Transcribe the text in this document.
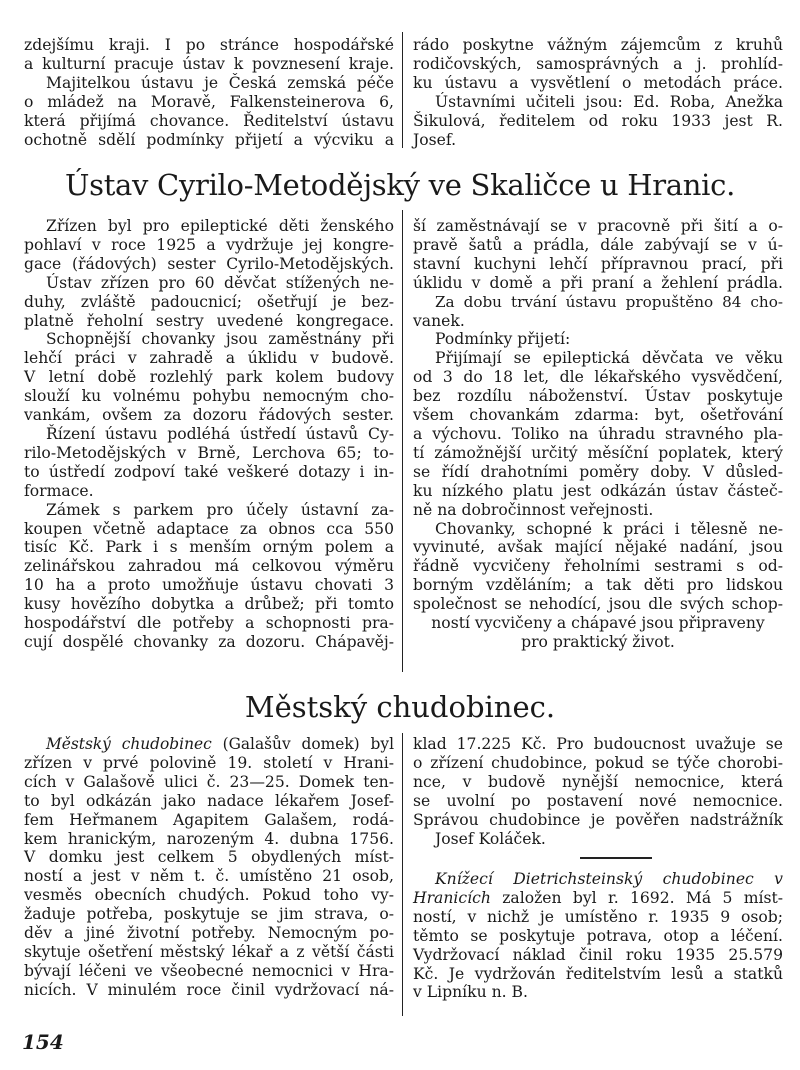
zdejšímu kraji. I po stránce hospodářské
a kulturní pracuje ústav k povznesení kraje.
Majitelkou ústavu je Česká zemská péče
o mládež na Moravě, Falkensteinerova 6,
která přijímá chovance. Ředitelství ústavu
ochotně sdělí podmínky přijetí a výcviku a
rádo poskytne vážným zájemcům z kruhů
rodičovských, samosprávných a j. prohlíd-
ku ústavu a vysvětlení o metodách práce.
Ústavními učiteli jsou: Ed. Roba, Anežka
Šikulová, ředitelem od roku 1933 jest R.
Josef.
Ústav Cyrilo-Metodějský ve Skaličce u Hranic.
Zřízen byl pro epileptické děti ženského
pohlaví v roce 1925 a vydržuje jej kongre-
gace (řádových) sester Cyrilo-Metodějských.
Ústav zřízen pro 60 děvčat stížených ne-
duhy, zvláště padoucnicí; ošetřují je bez-
platně řeholní sestry uvedené kongregace.
Schopnější chovanky jsou zaměstnány při
lehčí práci v zahradě a úklidu v budově.
V letní době rozlehlý park kolem budovy
slouží ku volnému pohybu nemocným cho-
vankám, ovšem za dozoru řádových sester.
Řízení ústavu podléhá ústředí ústavů Cy-
rilo-Metodějských v Brně, Lerchova 65; to-
to ústředí zodpoví také veškeré dotazy i in-
formace.
Zámek s parkem pro účely ústavní za-
koupen včetně adaptace za obnos cca 550
tisíc Kč. Park i s menším orným polem a
zelinářskou zahradou má celkovou výměru
10 ha a proto umožňuje ústavu chovati 3
kusy hovězího dobytka a drůbež; při tomto
hospodářství dle potřeby a schopnosti pra-
cují dospělé chovanky za dozoru. Chápavěj-
ší zaměstnávají se v pracovně při šití a o-
pravě šatů a prádla, dále zabývají se v ú-
stavní kuchyni lehčí přípravnou prací, při
úklidu v domě a při praní a žehlení prádla.
Za dobu trvání ústavu propuštěno 84 cho-
vanek.
Podmínky přijetí:
Přijímají se epileptická děvčata ve věku
od 3 do 18 let, dle lékařského vysvědčení,
bez rozdílu náboženství. Ústav poskytuje
všem chovankám zdarma: byt, ošetřování
a výchovu. Toliko na úhradu stravného pla-
tí zámožnější určitý měsíční poplatek, který
se řídí drahotními poměry doby. V důsled-
ku nízkého platu jest odkázán ústav částeč-
ně na dobročinnost veřejnosti.
Chovanky, schopné k práci i tělesně ne-
vyvinuté, avšak mající nějaké nadání, jsou
řádně vycvičeny řeholními sestrami s od-
borným vzděláním; a tak děti pro lidskou
společnost se nehodící, jsou dle svých schop-
ností vycvičeny a chápavé jsou připraveny
pro praktický život.
Městský chudobinec.
Městský chudobinec (Galašův domek) byl
zřízen v prvé polovině 19. století v Hrani-
cích v Galašově ulici č. 23—25. Domek ten-
to byl odkázán jako nadace lékařem Josef-
fem Heřmanem Agapitem Galašem, rodá-
kem hranickým, narozeným 4. dubna 1756.
V domku jest celkem 5 obydlených míst-
ností a jest v něm t. č. umístěno 21 osob,
vesměs obecních chudých. Pokud toho vy-
žaduje potřeba, poskytuje se jim strava, o-
děv a jiné životní potřeby. Nemocným po-
skytuje ošetření městský lékař a z větší části
bývají léčeni ve všeobecné nemocnici v Hra-
nicích. V minulém roce činil vydržovací ná-
klad 17.225 Kč. Pro budoucnost uvažuje se
o zřízení chudobince, pokud se týče chorobi-
nce, v budově nynější nemocnice, která
se uvolní po postavení nové nemocnice.
Správou chudobince je pověřen nadstrážník
Josef Koláček.
Knížecí Dietrichsteinský chudobinec v
Hranicích založen byl r. 1692. Má 5 míst-
ností, v nichž je umístěno r. 1935 9 osob;
těmto se poskytuje potrava, otop a léčení.
Vydržovací náklad činil roku 1935 25.579
Kč. Je vydržován ředitelstvím lesů a statků
v Lipníku n. B.
154
